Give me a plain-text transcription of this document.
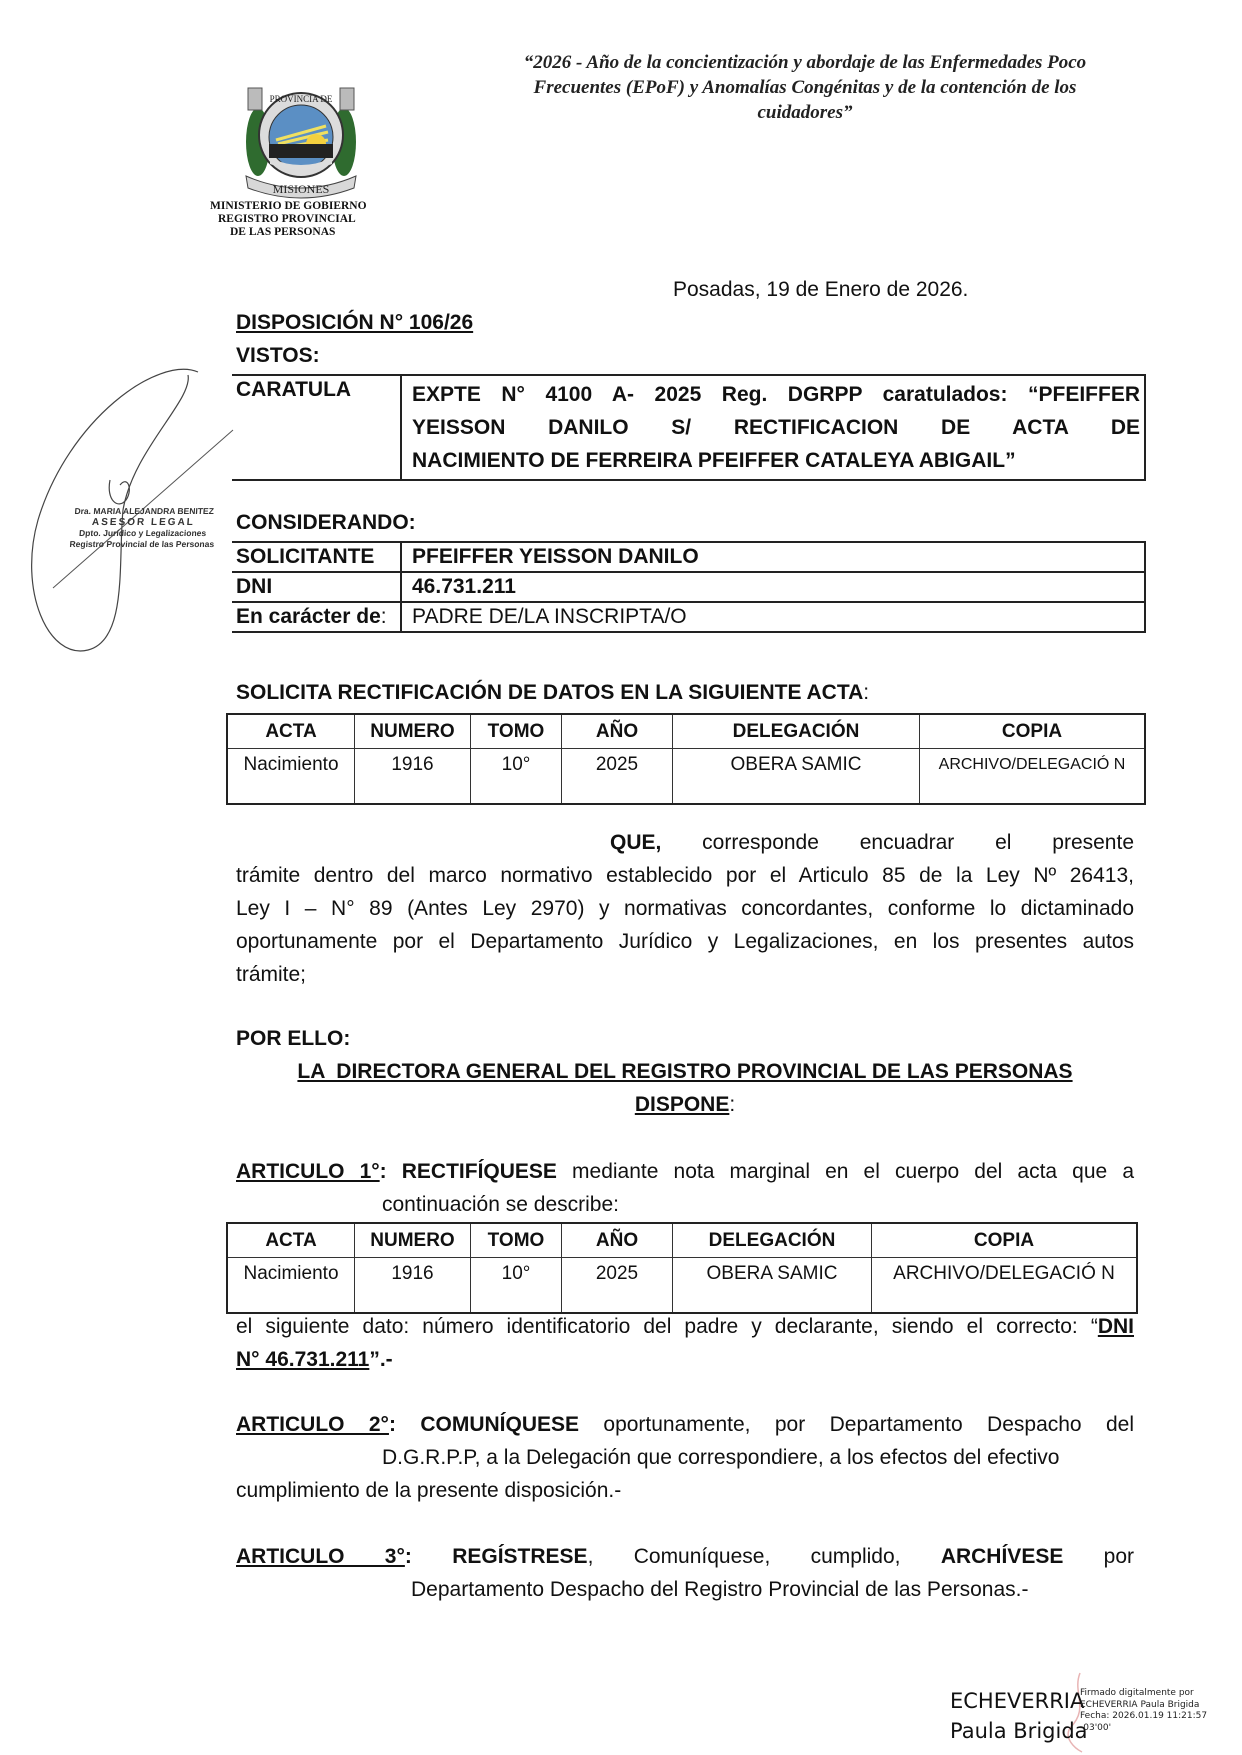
“2026 - Año de la concientización y abordaje de las Enfermedades Poco
Frecuentes (EPoF) y Anomalías Congénitas y de la contención de los
cuidadores”
PROVINCIA DE
MISIONES
MINISTERIO DE GOBIERNO
REGISTRO PROVINCIAL
DE LAS PERSONAS
Dra. MARIA ALEJANDRA BENITEZ
ASESOR LEGAL
Dpto. Jurídico y Legalizaciones
Registro Provincial de las Personas
Posadas, 19 de Enero de 2026.
DISPOSICIÓN N° 106/26
VISTOS:
CARATULA	EXPTE N° 4100 A- 2025 Reg. DGRPP caratulados: “PFEIFFER
YEISSON DANILO S/ RECTIFICACION DE ACTA DE
NACIMIENTO DE FERREIRA PFEIFFER CATALEYA ABIGAIL”
CONSIDERANDO:
SOLICITANTE	PFEIFFER YEISSON DANILO
DNI	46.731.211
En carácter de:	PADRE DE/LA INSCRIPTA/O
SOLICITA RECTIFICACIÓN DE DATOS EN LA SIGUIENTE ACTA:
ACTA	NUMERO	TOMO	AÑO	DELEGACIÓN	COPIA
Nacimiento	1916	10°	2025	OBERA SAMIC	ARCHIVO/DELEGACIÓ N
QUE, corresponde encuadrar el presente
trámite dentro del marco normativo establecido por el Articulo 85 de la Ley Nº 26413,
Ley I – N° 89 (Antes Ley 2970) y normativas concordantes, conforme lo dictaminado
oportunamente por el Departamento Jurídico y Legalizaciones, en los presentes autos
trámite;
POR ELLO:
LA  DIRECTORA GENERAL DEL REGISTRO PROVINCIAL DE LAS PERSONAS
DISPONE:
ARTICULO 1°: RECTIFÍQUESE mediante nota marginal en el cuerpo del acta que a
continuación se describe:
ACTA	NUMERO	TOMO	AÑO	DELEGACIÓN	COPIA
Nacimiento	1916	10°	2025	OBERA SAMIC	ARCHIVO/DELEGACIÓ N
el siguiente dato: número identificatorio del padre y declarante, siendo el correcto: “DNI
N° 46.731.211”.-
ARTICULO 2°: COMUNÍQUESE oportunamente, por Departamento Despacho del
D.G.R.P.P, a la Delegación que correspondiere, a los efectos del efectivo
cumplimiento de la presente disposición.-
ARTICULO 3°: REGÍSTRESE, Comuníquese, cumplido, ARCHÍVESE por
Departamento Despacho del Registro Provincial de las Personas.-
ECHEVERRIA
Paula Brigida
Firmado digitalmente por
ECHEVERRIA Paula Brigida
Fecha: 2026.01.19 11:21:57
-03'00'
